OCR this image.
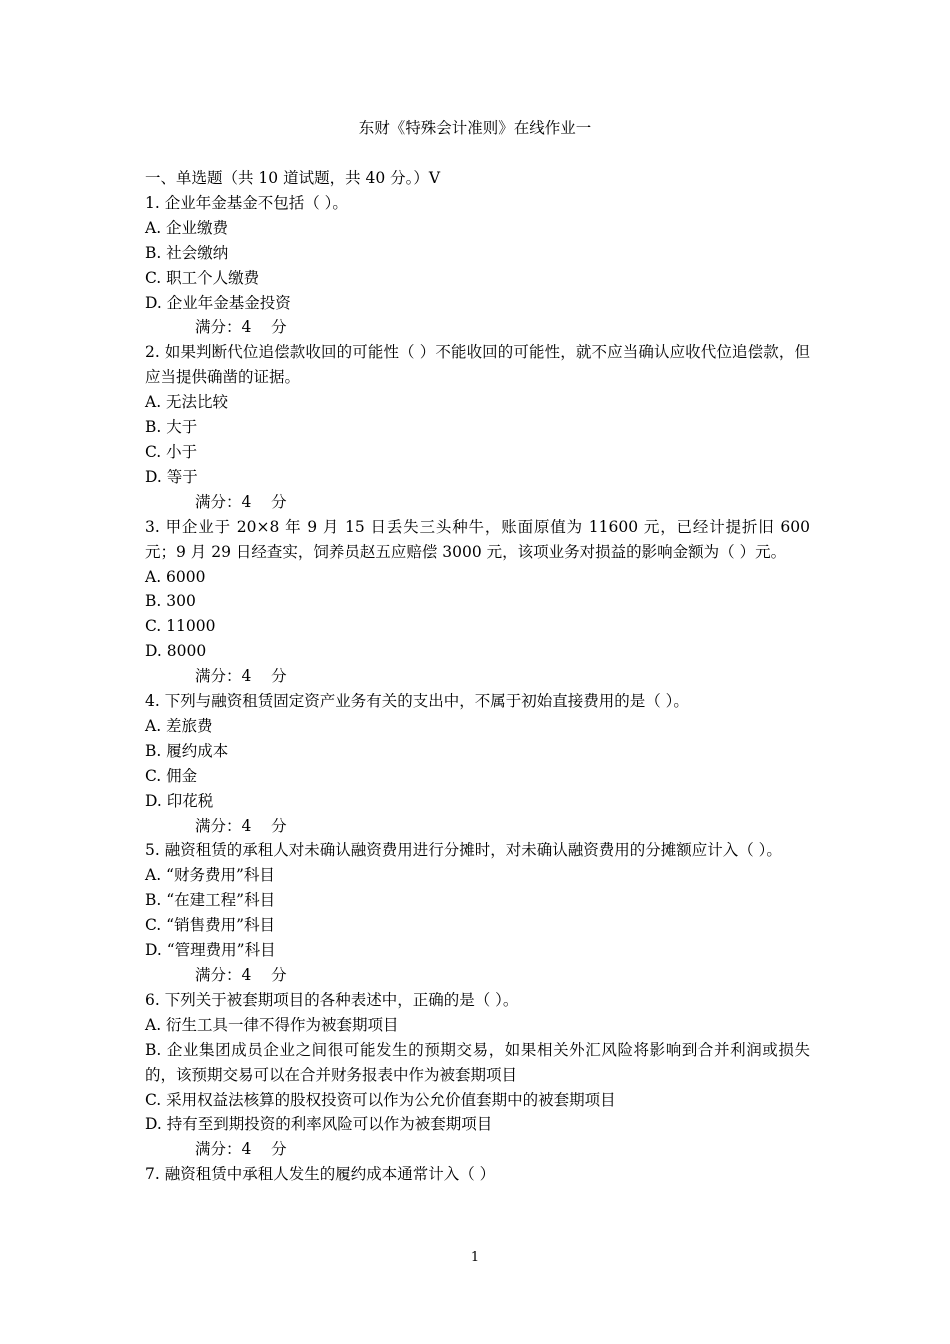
东财《特殊会计准则》在线作业一
一、单选题（共 10 道试题，共 40 分。）V
1. 企业年金基金不包括（ ）。
A. 企业缴费
B. 社会缴纳
C. 职工个人缴费
D. 企业年金基金投资
满分：4    分
2. 如果判断代位追偿款收回的可能性（ ）不能收回的可能性，就不应当确认应收代位追偿款，但应当提供确凿的证据。
A. 无法比较
B. 大于
C. 小于
D. 等于
满分：4    分
3. 甲企业于 20×8 年 9 月 15 日丢失三头种牛，账面原值为 11600 元，已经计提折旧 600 元；9 月 29 日经查实，饲养员赵五应赔偿 3000 元，该项业务对损益的影响金额为（ ）元。
A. 6000
B. 300
C. 11000
D. 8000
满分：4    分
4. 下列与融资租赁固定资产业务有关的支出中，不属于初始直接费用的是（ ）。
A. 差旅费
B. 履约成本
C. 佣金
D. 印花税
满分：4    分
5. 融资租赁的承租人对未确认融资费用进行分摊时，对未确认融资费用的分摊额应计入（ ）。
A. “财务费用”科目
B. “在建工程”科目
C. “销售费用”科目
D. “管理费用”科目
满分：4    分
6. 下列关于被套期项目的各种表述中，正确的是（ ）。
A. 衍生工具一律不得作为被套期项目
B. 企业集团成员企业之间很可能发生的预期交易，如果相关外汇风险将影响到合并利润或损失的，该预期交易可以在合并财务报表中作为被套期项目
C. 采用权益法核算的股权投资可以作为公允价值套期中的被套期项目
D. 持有至到期投资的利率风险可以作为被套期项目
满分：4    分
7. 融资租赁中承租人发生的履约成本通常计入（ ）
1
